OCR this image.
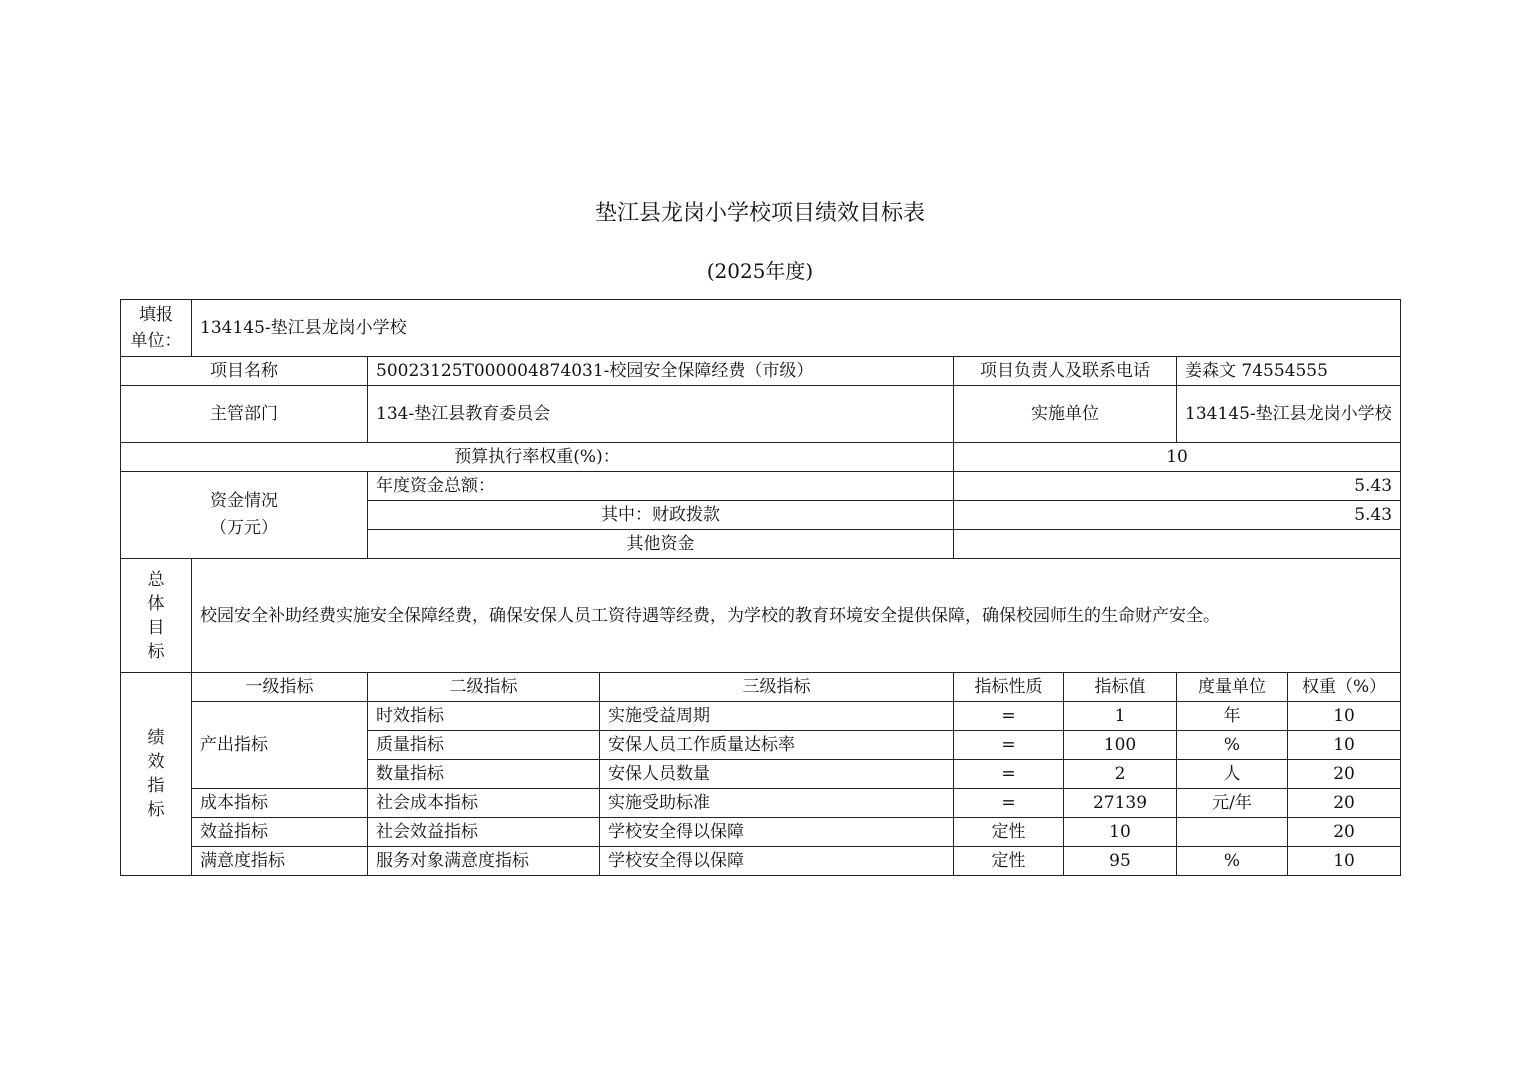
垫江县龙岗小学校项目绩效目标表
(2025年度)
填报
单位：	134145-垫江县龙岗小学校						
项目名称		50023125T000004874031-校园安全保障经费（市级）		项目负责人及联系电话		姜森文 74554555	
主管部门		134-垫江县教育委员会		实施单位		134145-垫江县龙岗小学校	
预算执行率权重(%)：				10			

资金情况
（万元）		年度资金总额：		5.43			
		其中：财政拨款		5.43			
		其他资金					

总
体
目
标	校园安全补助经费实施安全保障经费，确保安保人员工资待遇等经费，为学校的教育环境安全提供保障，确保校园师生的生命财产安全。						

绩
效
指
标	一级指标	二级指标	三级指标	指标性质	指标值	度量单位	权重（%）
	产出指标	时效指标	实施受益周期	=	1	年	10
		质量指标	安保人员工作质量达标率	=	100	%	10
		数量指标	安保人员数量	=	2	人	20
	成本指标	社会成本指标	实施受助标准	=	27139	元/年	20
	效益指标	社会效益指标	学校安全得以保障	定性	10		20
	满意度指标	服务对象满意度指标	学校安全得以保障	定性	95	%	10
